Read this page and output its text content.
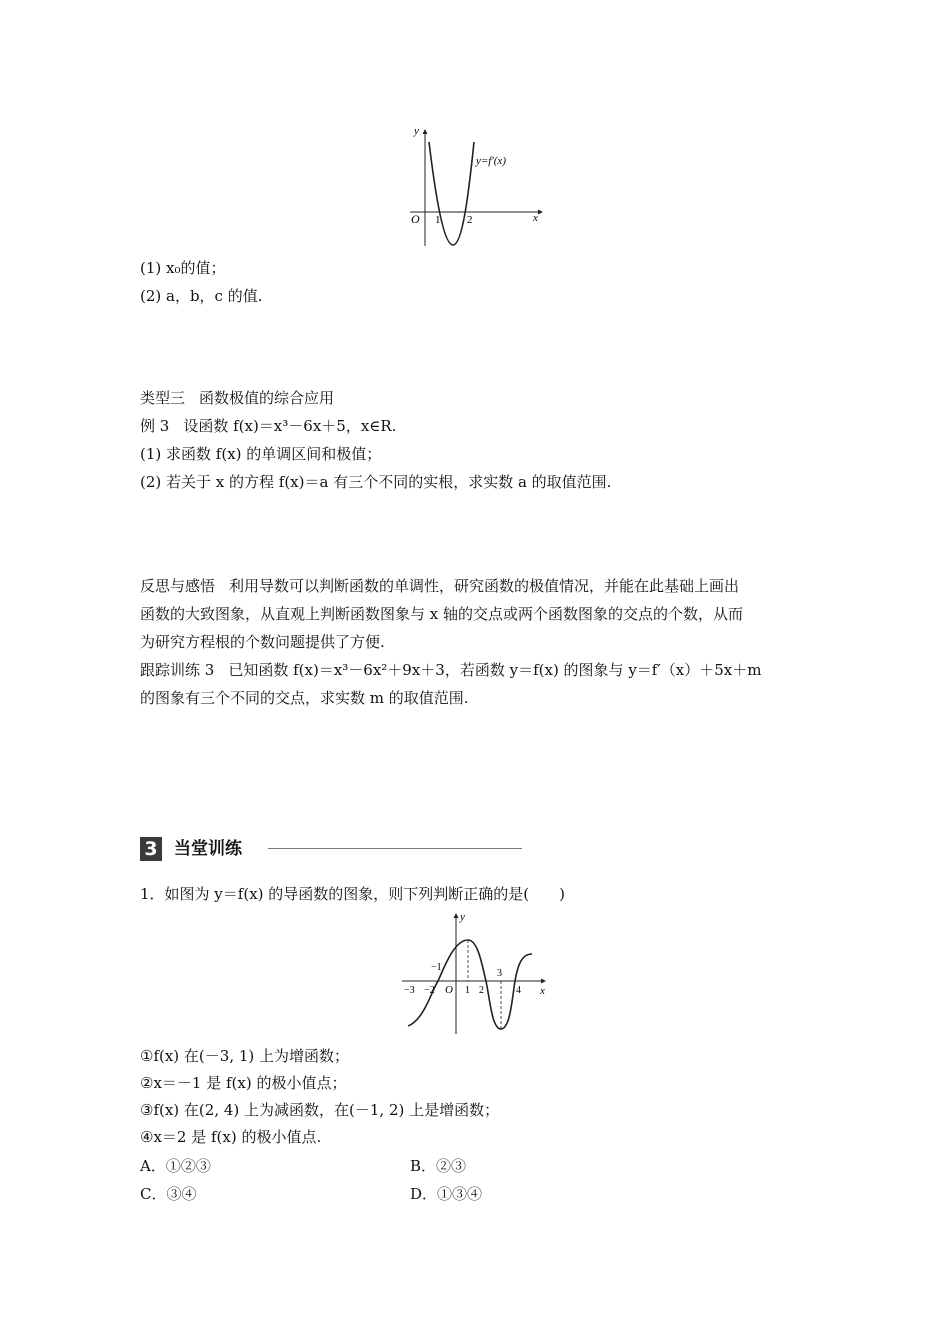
y
x
O 1 2
y=f′(x)
(1) x₀的值；
(2) a，b，c 的值.
类型三 函数极值的综合应用
例 3 设函数 f(x)＝x³－6x＋5，x∈R.
(1) 求函数 f(x) 的单调区间和极值；
(2) 若关于 x 的方程 f(x)＝a 有三个不同的实根，求实数 a 的取值范围.
反思与感悟 利用导数可以判断函数的单调性，研究函数的极值情况，并能在此基础上画出
函数的大致图象，从直观上判断函数图象与 x 轴的交点或两个函数图象的交点的个数，从而
为研究方程根的个数问题提供了方便.
跟踪训练 3 已知函数 f(x)＝x³－6x²＋9x＋3，若函数 y＝f(x) 的图象与 y＝f′（x）＋5x＋m
的图象有三个不同的交点，求实数 m 的取值范围.
3 当堂训练
1．如图为 y＝f(x) 的导函数的图象，则下列判断正确的是(　　)
y
x
O
−3 −2
−1
1 2
3
4
①f(x) 在(－3, 1) 上为增函数；
②x＝－1 是 f(x) 的极小值点；
③f(x) 在(2, 4) 上为减函数，在(－1, 2) 上是增函数；
④x＝2 是 f(x) 的极小值点.
A．①②③	B．②③
C．③④	D．①③④
